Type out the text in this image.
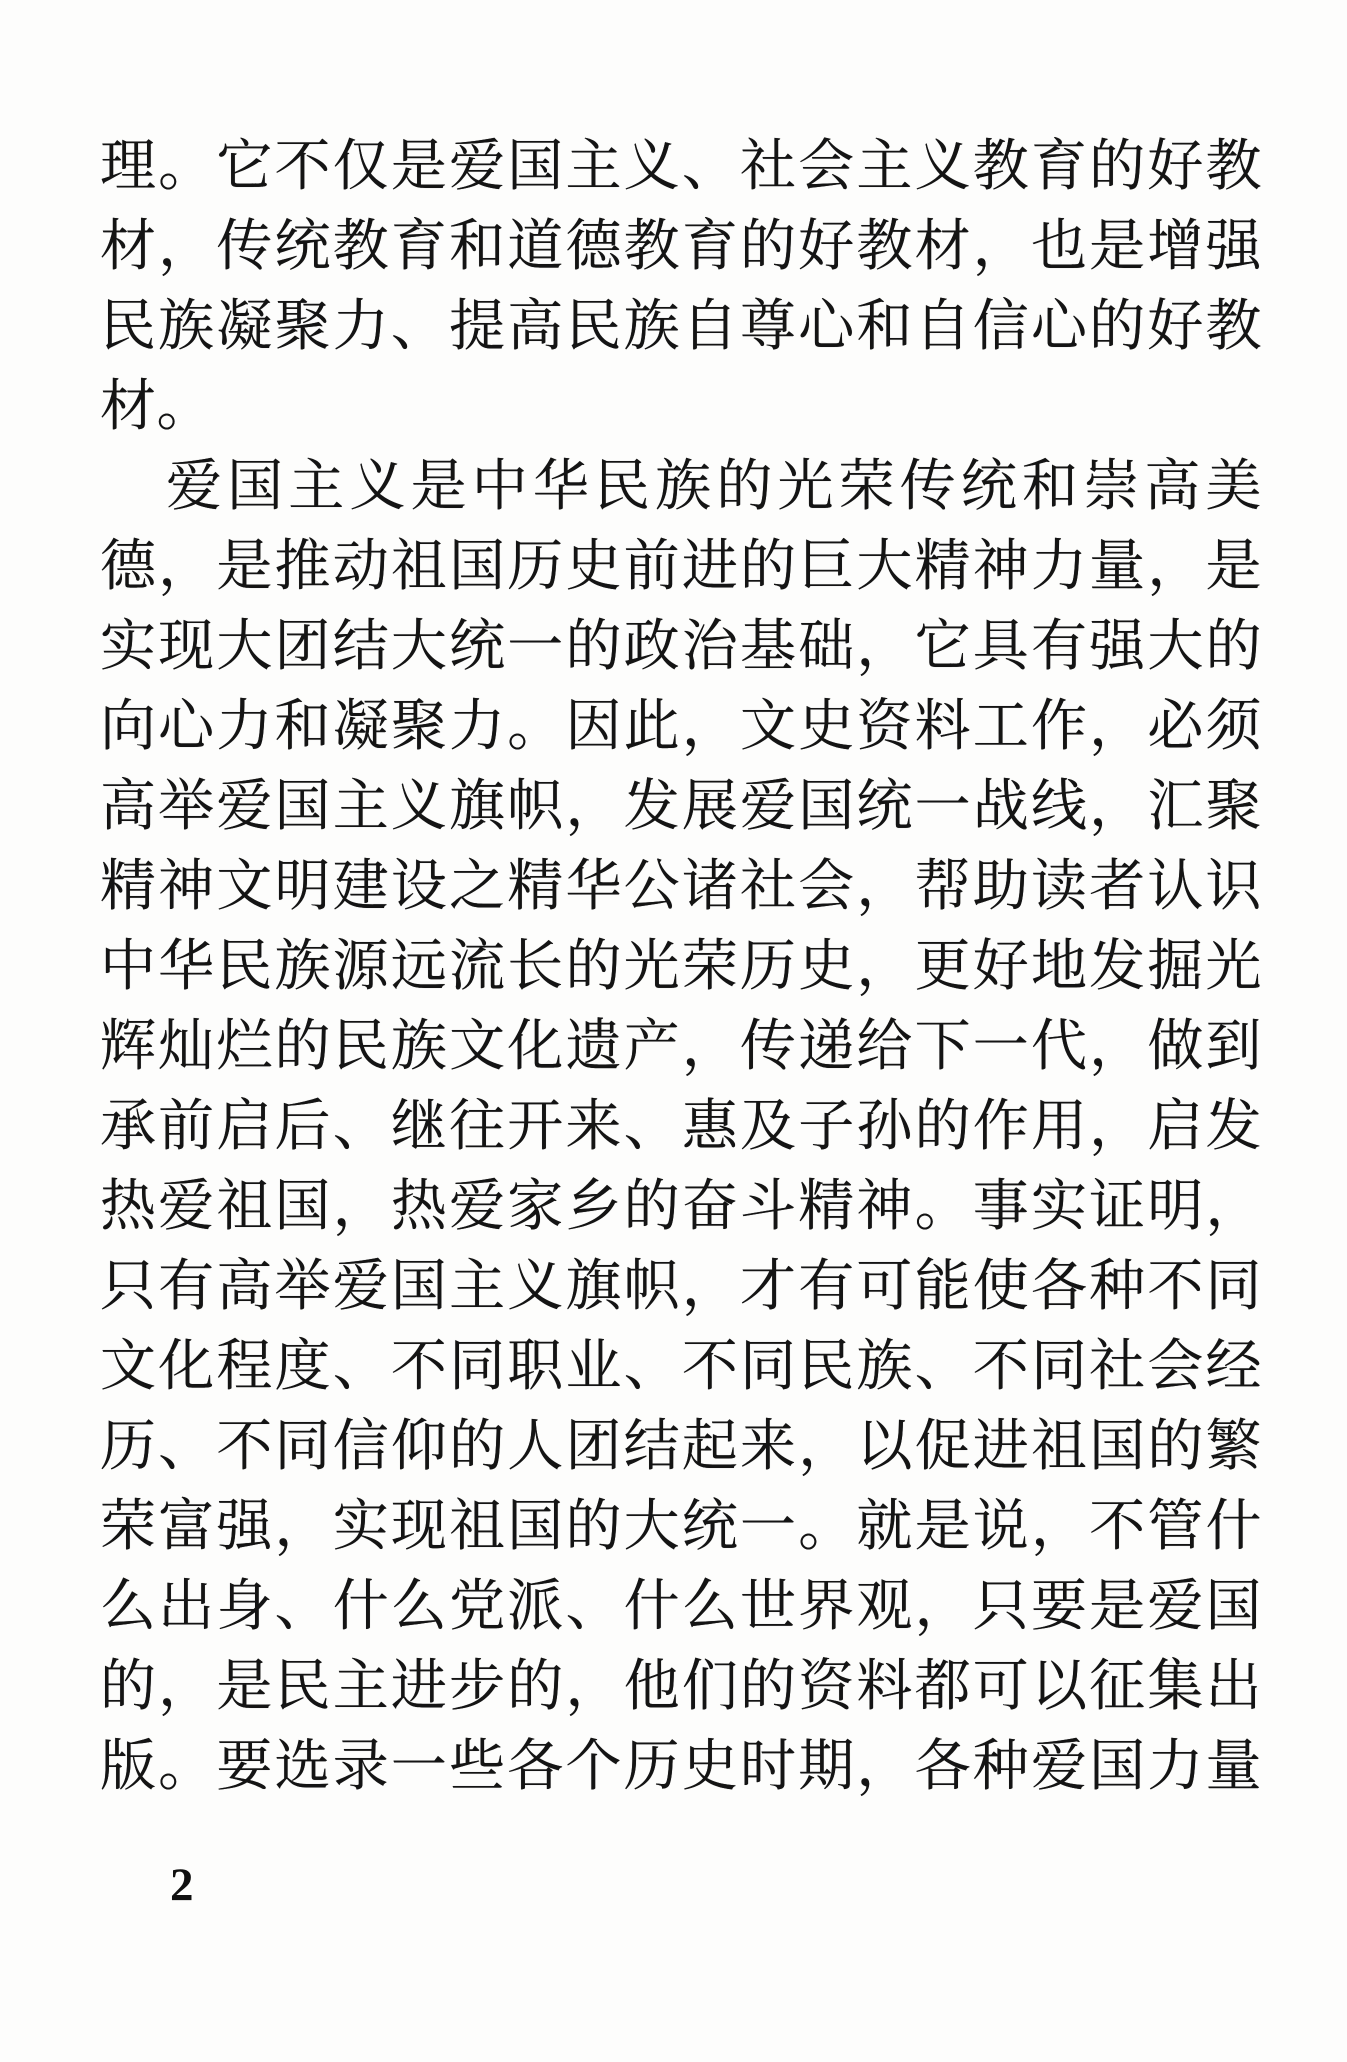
理。它不仅是爱国主义、社会主义教育的好教
材，传统教育和道德教育的好教材，也是增强
民族凝聚力、提高民族自尊心和自信心的好教
材。
爱国主义是中华民族的光荣传统和崇高美
德，是推动祖国历史前进的巨大精神力量，是
实现大团结大统一的政治基础，它具有强大的
向心力和凝聚力。因此，文史资料工作，必须
高举爱国主义旗帜，发展爱国统一战线，汇聚
精神文明建设之精华公诸社会，帮助读者认识
中华民族源远流长的光荣历史，更好地发掘光
辉灿烂的民族文化遗产，传递给下一代，做到
承前启后、继往开来、惠及子孙的作用，启发
热爱祖国，热爱家乡的奋斗精神。事实证明，
只有高举爱国主义旗帜，才有可能使各种不同
文化程度、不同职业、不同民族、不同社会经
历、不同信仰的人团结起来，以促进祖国的繁
荣富强，实现祖国的大统一。就是说，不管什
么出身、什么党派、什么世界观，只要是爱国
的，是民主进步的，他们的资料都可以征集出
版。要选录一些各个历史时期，各种爱国力量
2
